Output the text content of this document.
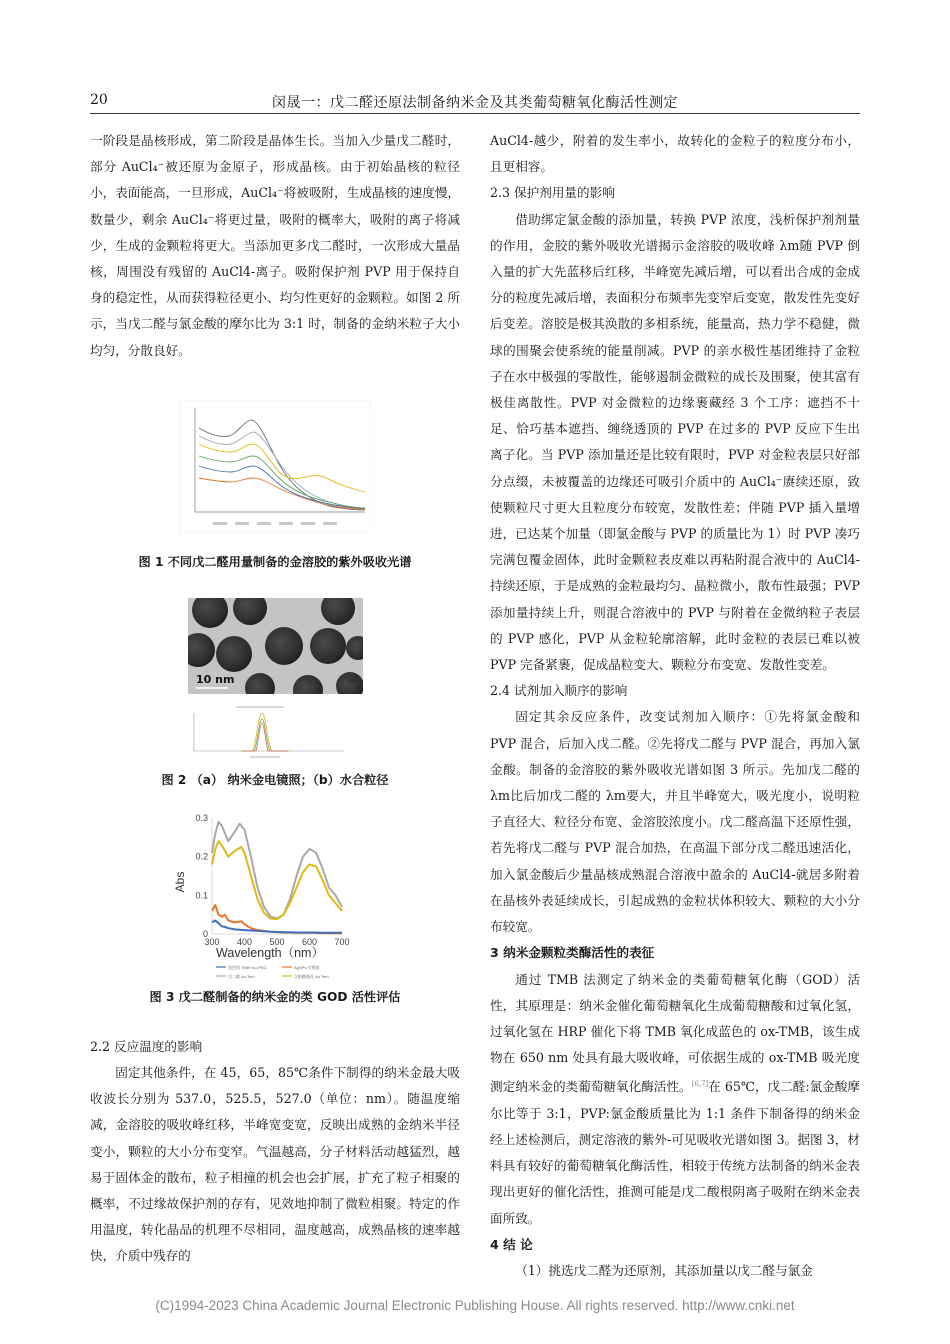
20	闵晟一：戊二醛还原法制备纳米金及其类葡萄糖氧化酶活性测定

一阶段是晶核形成，第二阶段是晶体生长。当加入少量戊二醛时，部分 AuCl₄⁻被还原为金原子，形成晶核。由于初始晶核的粒径小，表面能高，一旦形成，AuCl₄⁻将被吸附，生成晶核的速度慢，数量少，剩余 AuCl₄⁻将更过量，吸附的概率大，吸附的离子将减少，生成的金颗粒将更大。当添加更多戊二醛时，一次形成大量晶核，周围没有残留的 AuCl4-离子。吸附保护剂 PVP 用于保持自身的稳定性，从而获得粒径更小、均匀性更好的金颗粒。如图 2 所示，当戊二醛与氯金酸的摩尔比为 3:1 时，制备的金纳米粒子大小均匀，分散良好。

图 1 不同戊二醛用量制备的金溶胶的紫外吸收光谱
10 nm	(a)
图 2 （a） 纳米金电镜照；（b）水合粒径
0
0.1
0.2
0.3
300 400 500 600 700
Abs
Wavelength（nm）
黑色线 TMB+Au-PEG	AgNPs 对照组
戊二醛 Au Tem	含阳糖基化 Au Tem
图 3 戊二醛制备的纳米金的类 GOD 活性评估
2.2 反应温度的影响

固定其他条件，在 45，65，85℃条件下制得的纳米金最大吸收波长分别为 537.0，525.5，527.0（单位：nm）。随温度缩减，金溶胶的吸收峰红移，半峰宽变宽，反映出成熟的金纳米半径变小，颗粒的大小分布变窄。气温越高，分子材料活动越猛烈，越易于固体金的散布，粒子相撞的机会也会扩展，扩充了粒子相聚的概率，不过缘故保护剂的存有，见效地抑制了微粒相聚。特定的作用温度，转化晶品的机理不尽相同，温度越高，成熟晶核的速率越快，介质中残存的

AuCl4-越少，附着的发生率小，故转化的金粒子的粒度分布小，且更相容。

2.3 保护剂用量的影响

借助绑定氯金酸的添加量，转换 PVP 浓度，浅析保护剂剂量的作用，金胶的紫外吸收光谱揭示金溶胶的吸收峰 λm随 PVP 倒入量的扩大先蓝移后红移，半峰宽先减后增，可以看出合成的金成分的粒度先减后增，表面积分布频率先变窄后变宽，散发性先变好后变差。溶胶是极其涣散的多相系统，能量高，热力学不稳健，微球的围聚会使系统的能量削减。PVP 的亲水极性基团维持了金粒子在水中极强的零散性，能够遏制金微粒的成长及围聚，使其富有极佳离散性。PVP 对金微粒的边缘裹藏经 3 个工序：遮挡不十足、恰巧基本遮挡、缠绕透顶的 PVP 在过多的 PVP 反应下生出离子化。当 PVP 添加量还是比较有限时，PVP 对金粒表层只好部分点缀，未被覆盖的边缘还可吸引介质中的 AuCl₄⁻赓续还原，致使颗粒尺寸更大且粒度分布较宽，发散性差；伴随 PVP 插入量增进，已达某个加量（即氯金酸与 PVP 的质量比为 1）时 PVP 凑巧完满包覆金固体，此时金颗粒表皮难以再粘附混合液中的 AuCl4-持续还原，于是成熟的金粒最均匀、晶粒微小，散布性最强；PVP 添加量持续上升，则混合溶液中的 PVP 与附着在金微纳粒子表层的 PVP 感化，PVP 从金粒轮廓溶解，此时金粒的表层已难以被 PVP 完备紧裹，促成晶粒变大、颗粒分布变宽、发散性变差。

2.4 试剂加入顺序的影响

固定其余反应条件，改变试剂加入顺序：①先将氯金酸和 PVP 混合，后加入戊二醛。②先将戊二醛与 PVP 混合，再加入氯金酸。制备的金溶胶的紫外吸收光谱如图 3 所示。先加戊二醛的 λm比后加戊二醛的 λm要大，并且半峰宽大，吸光度小，说明粒子直径大、粒径分布宽、金溶胶浓度小。戊二醛高温下还原性强，若先将戊二醛与 PVP 混合加热，在高温下部分戊二醛迅速活化，加入氯金酸后少量晶核成熟混合溶液中盈余的 AuCl4-就居多附着在晶核外表延续成长，引起成熟的金粒状体积较大、颗粒的大小分布较宽。

3 纳米金颗粒类酶活性的表征

通过 TMB 法测定了纳米金的类葡萄糖氧化酶（GOD）活性，其原理是：纳米金催化葡萄糖氧化生成葡萄糖酸和过氧化氢，过氧化氢在 HRP 催化下将 TMB 氧化成蓝色的 ox-TMB，该生成物在 650 nm 处具有最大吸收峰，可依据生成的 ox-TMB 吸光度测定纳米金的类葡萄糖氧化酶活性。[6,7]在 65℃，戊二醛:氯金酸摩尔比等于 3:1，PVP:氯金酸质量比为 1:1 条件下制备得的纳米金经上述检测后，测定溶液的紫外-可见吸收光谱如图 3。据图 3，材料具有较好的葡萄糖氧化酶活性，相较于传统方法制备的纳米金表现出更好的催化活性，推测可能是戊二酸根阴离子吸附在纳米金表面所致。

4 结 论

（1）挑选戊二醛为还原剂，其添加量以戊二醛与氯金

(C)1994-2023 China Academic Journal Electronic Publishing House. All rights reserved. http://www.cnki.net
